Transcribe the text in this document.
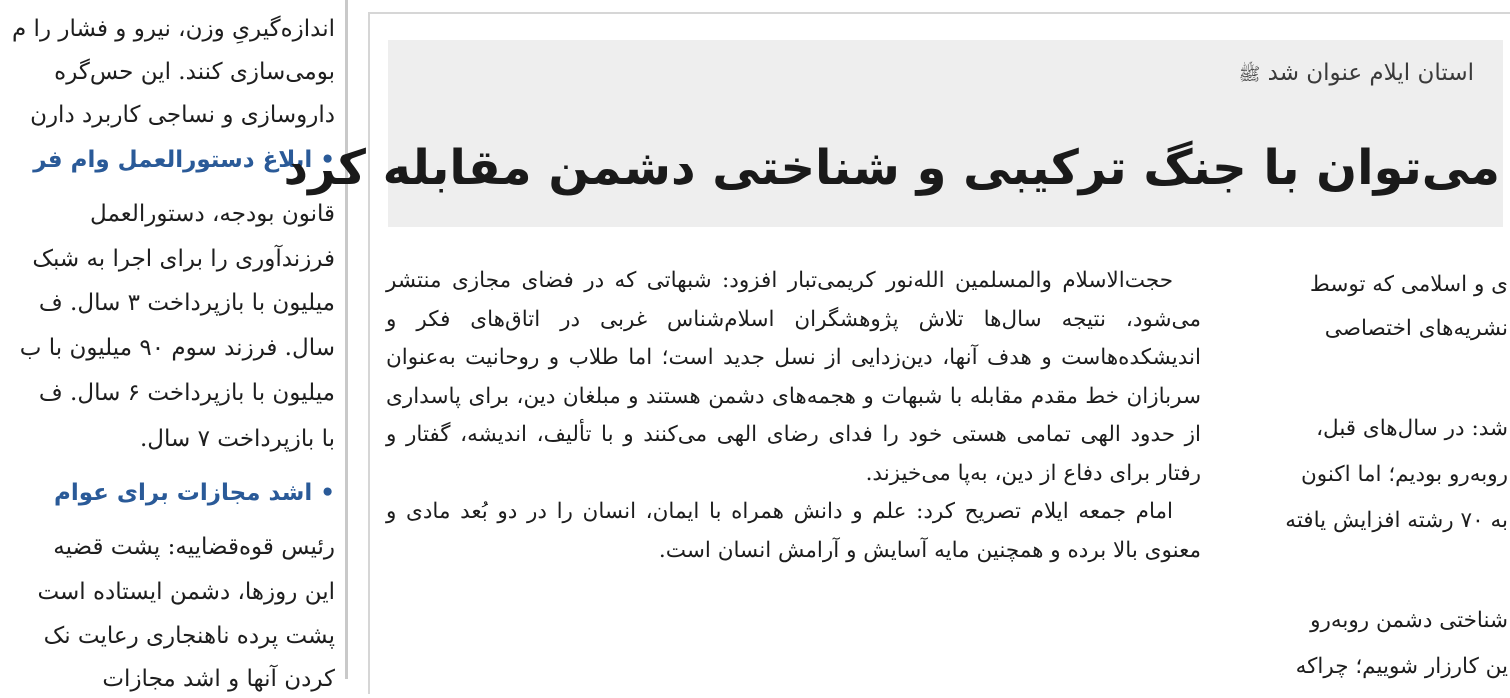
اندازه‌گیریِ وزن، نیرو و فشار را م
بومی‌سازی کنند. این حس‌گره
داروسازی و نساجی کاربرد دارن
• ابلاغ دستورالعمل وام فر
قانون بودجه، دستورالعمل
فرزندآوری را برای اجرا به شبک
میلیون با بازپرداخت ۳ سال. ف
سال. فرزند سوم ۹۰ میلیون با ب
میلیون با بازپرداخت ۶ سال. ف
با بازپرداخت ۷ سال.
• اشد مجازات برای عوام
رئیس قوه‌قضاییه: پشت قضیه
این روزها، دشمن ایستاده است
پشت پرده ناهنجاری رعایت نک
کردن آنها و اشد مجازات
استان ایلام عنوان شد ﷺ
می‌توان با جنگ ترکیبی و شناختی دشمن مقابله کرد

حجت‌الاسلام والمسلمین الله‌نور کریمی‌تبار افزود: شبهاتی که در فضای مجازی منتشر می‌شود، نتیجه سال‌ها تلاش پژوهشگران اسلام‌شناس غربی در اتاق‌های فکر و اندیشکده‌هاست و هدف آنها، دین‌زدایی از نسل جدید است؛ اما طلاب و روحانیت به‌عنوان سربازان خط مقدم مقابله با شبهات و هجمه‌های دشمن هستند و مبلغان دین، برای پاسداری از حدود الهی تمامی هستی خود را فدای رضای الهی می‌کنند و با تألیف، اندیشه، گفتار و رفتار برای دفاع از دین، به‌پا می‌خیزند.

امام جمعه ایلام تصریح کرد: علم و دانش همراه با ایمان، انسان را در دو بُعد مادی و معنوی بالا برده و همچنین مایه آسایش و آرامش انسان است.

ی و اسلامی که توسط
نشریه‌های اختصاصی
شد: در سال‌های قبل،
روبه‌رو بودیم؛ اما اکنون
به ۷۰ رشته افزایش یافته
شناختی دشمن روبه‌رو
ین کارزار شوییم؛ چراکه
